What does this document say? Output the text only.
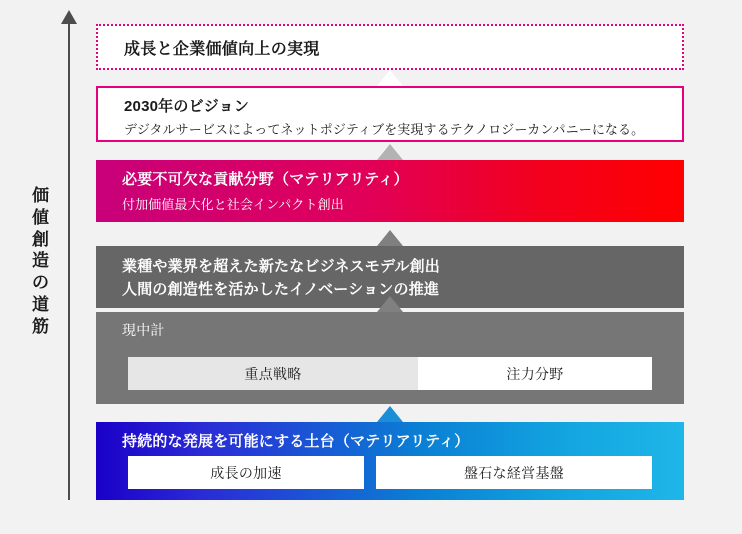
価値創造の道筋
成長と企業価値向上の実現
2030年のビジョン
デジタルサービスによってネットポジティブを実現するテクノロジーカンパニーになる。
必要不可欠な貢献分野（マテリアリティ）
付加価値最大化と社会インパクト創出
業種や業界を超えた新たなビジネスモデル創出
人間の創造性を活かしたイノベーションの推進
現中計
重点戦略	注力分野
持続的な発展を可能にする土台（マテリアリティ）
成長の加速	盤石な経営基盤
